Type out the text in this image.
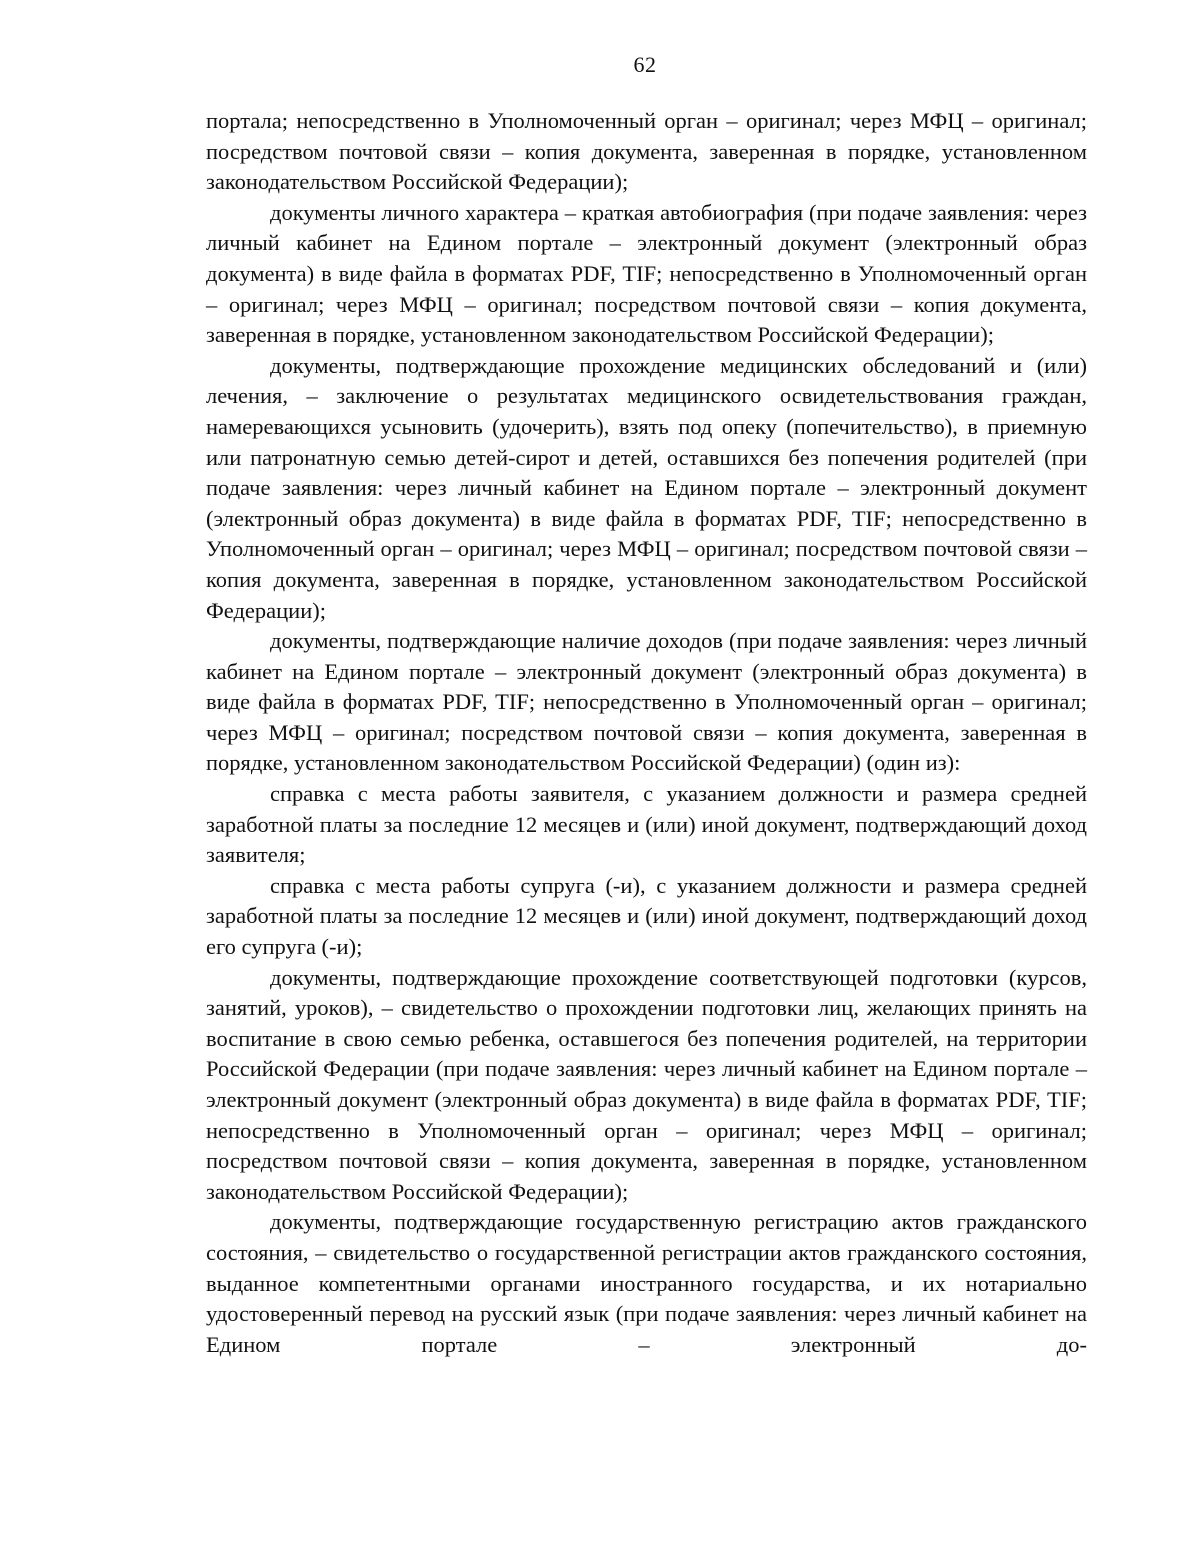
62

портала; непосредственно в Уполномоченный орган – оригинал; через МФЦ – оригинал; посредством почтовой связи – копия документа, заверенная в порядке, установленном законодательством Российской Федерации);

документы личного характера – краткая автобиография (при подаче заявления: через личный кабинет на Едином портале – электронный документ (электронный образ документа) в виде файла в форматах PDF, TIF; непосредственно в Уполномоченный орган – оригинал; через МФЦ – оригинал; посредством почтовой связи – копия документа, заверенная в порядке, установленном законодательством Российской Федерации);

документы, подтверждающие прохождение медицинских обследований и (или) лечения, – заключение о результатах медицинского освидетельствования граждан, намеревающихся усыновить (удочерить), взять под опеку (попечительство), в приемную или патронатную семью детей-сирот и детей, оставшихся без попечения родителей (при подаче заявления: через личный кабинет на Едином портале – электронный документ (электронный образ документа) в виде файла в форматах PDF, TIF; непосредственно в Уполномоченный орган – оригинал; через МФЦ – оригинал; посредством почтовой связи – копия документа, заверенная в порядке, установленном законодательством Российской Федерации);

документы, подтверждающие наличие доходов (при подаче заявления: через личный кабинет на Едином портале – электронный документ (электронный образ документа) в виде файла в форматах PDF, TIF; непосредственно в Уполномоченный орган – оригинал; через МФЦ – оригинал; посредством почтовой связи – копия документа, заверенная в порядке, установленном законодательством Российской Федерации) (один из):

справка с места работы заявителя, с указанием должности и размера средней заработной платы за последние 12 месяцев и (или) иной документ, подтверждающий доход заявителя;

справка с места работы супруга (-и), с указанием должности и размера средней заработной платы за последние 12 месяцев и (или) иной документ, подтверждающий доход его супруга (-и);

документы, подтверждающие прохождение соответствующей подготовки (курсов, занятий, уроков), – свидетельство о прохождении подготовки лиц, желающих принять на воспитание в свою семью ребенка, оставшегося без попечения родителей, на территории Российской Федерации (при подаче заявления: через личный кабинет на Едином портале – электронный документ (электронный образ документа) в виде файла в форматах PDF, TIF; непосредственно в Уполномоченный орган – оригинал; через МФЦ – оригинал; посредством почтовой связи – копия документа, заверенная в порядке, установленном законодательством Российской Федерации);

документы, подтверждающие государственную регистрацию актов гражданского состояния, – свидетельство о государственной регистрации актов гражданского состояния, выданное компетентными органами иностранного государства, и их нотариально удостоверенный перевод на русский язык (при подаче заявления: через личный кабинет на Едином портале – электронный до-
